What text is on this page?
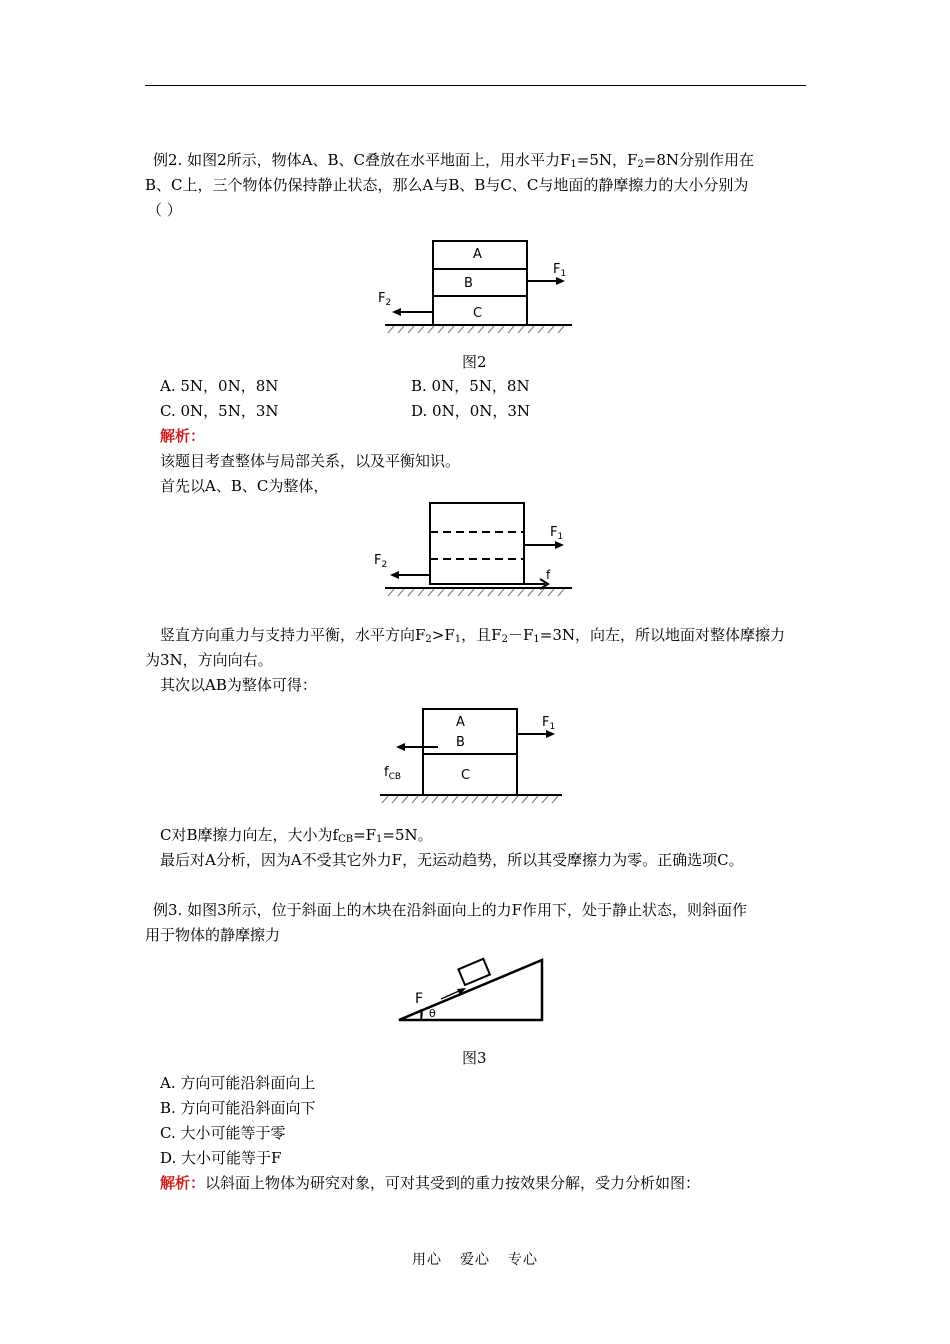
例2. 如图2所示，物体A、B、C叠放在水平地面上，用水平力$F_1=5N$，$F_2=8N$分别作用在
B、C上，三个物体仍保持静止状态，那么A与B、B与C、C与地面的静摩擦力的大小分别为
（ ）
A
B
C
$F_1$
$F_2$
图2
A. 5N，0N，8N	B. 0N，5N，8N
C. 0N，5N，3N	D. 0N，0N，3N
解析：
该题目考查整体与局部关系，以及平衡知识。
首先以A、B、C为整体，
$F_1$
$F_2$
f
竖直方向重力与支持力平衡，水平方向$F_2>F_1$，且$F_2-F_1=3N$，向左，所以地面对整体摩擦力
为3N，方向向右。
其次以AB为整体可得：
A
B
C
$F_1$
$f_{CB}$
C对B摩擦力向左，大小为$f_{CB}=F_1=5N$。
最后对A分析，因为A不受其它外力F，无运动趋势，所以其受摩擦力为零。正确选项C。
例3. 如图3所示，位于斜面上的木块在沿斜面向上的力F作用下，处于静止状态，则斜面作
用于物体的静摩擦力
F
θ
图3
A. 方向可能沿斜面向上
B. 方向可能沿斜面向下
C. 大小可能等于零
D. 大小可能等于F
解析：以斜面上物体为研究对象，可对其受到的重力按效果分解，受力分析如图：
用心 爱心 专心
